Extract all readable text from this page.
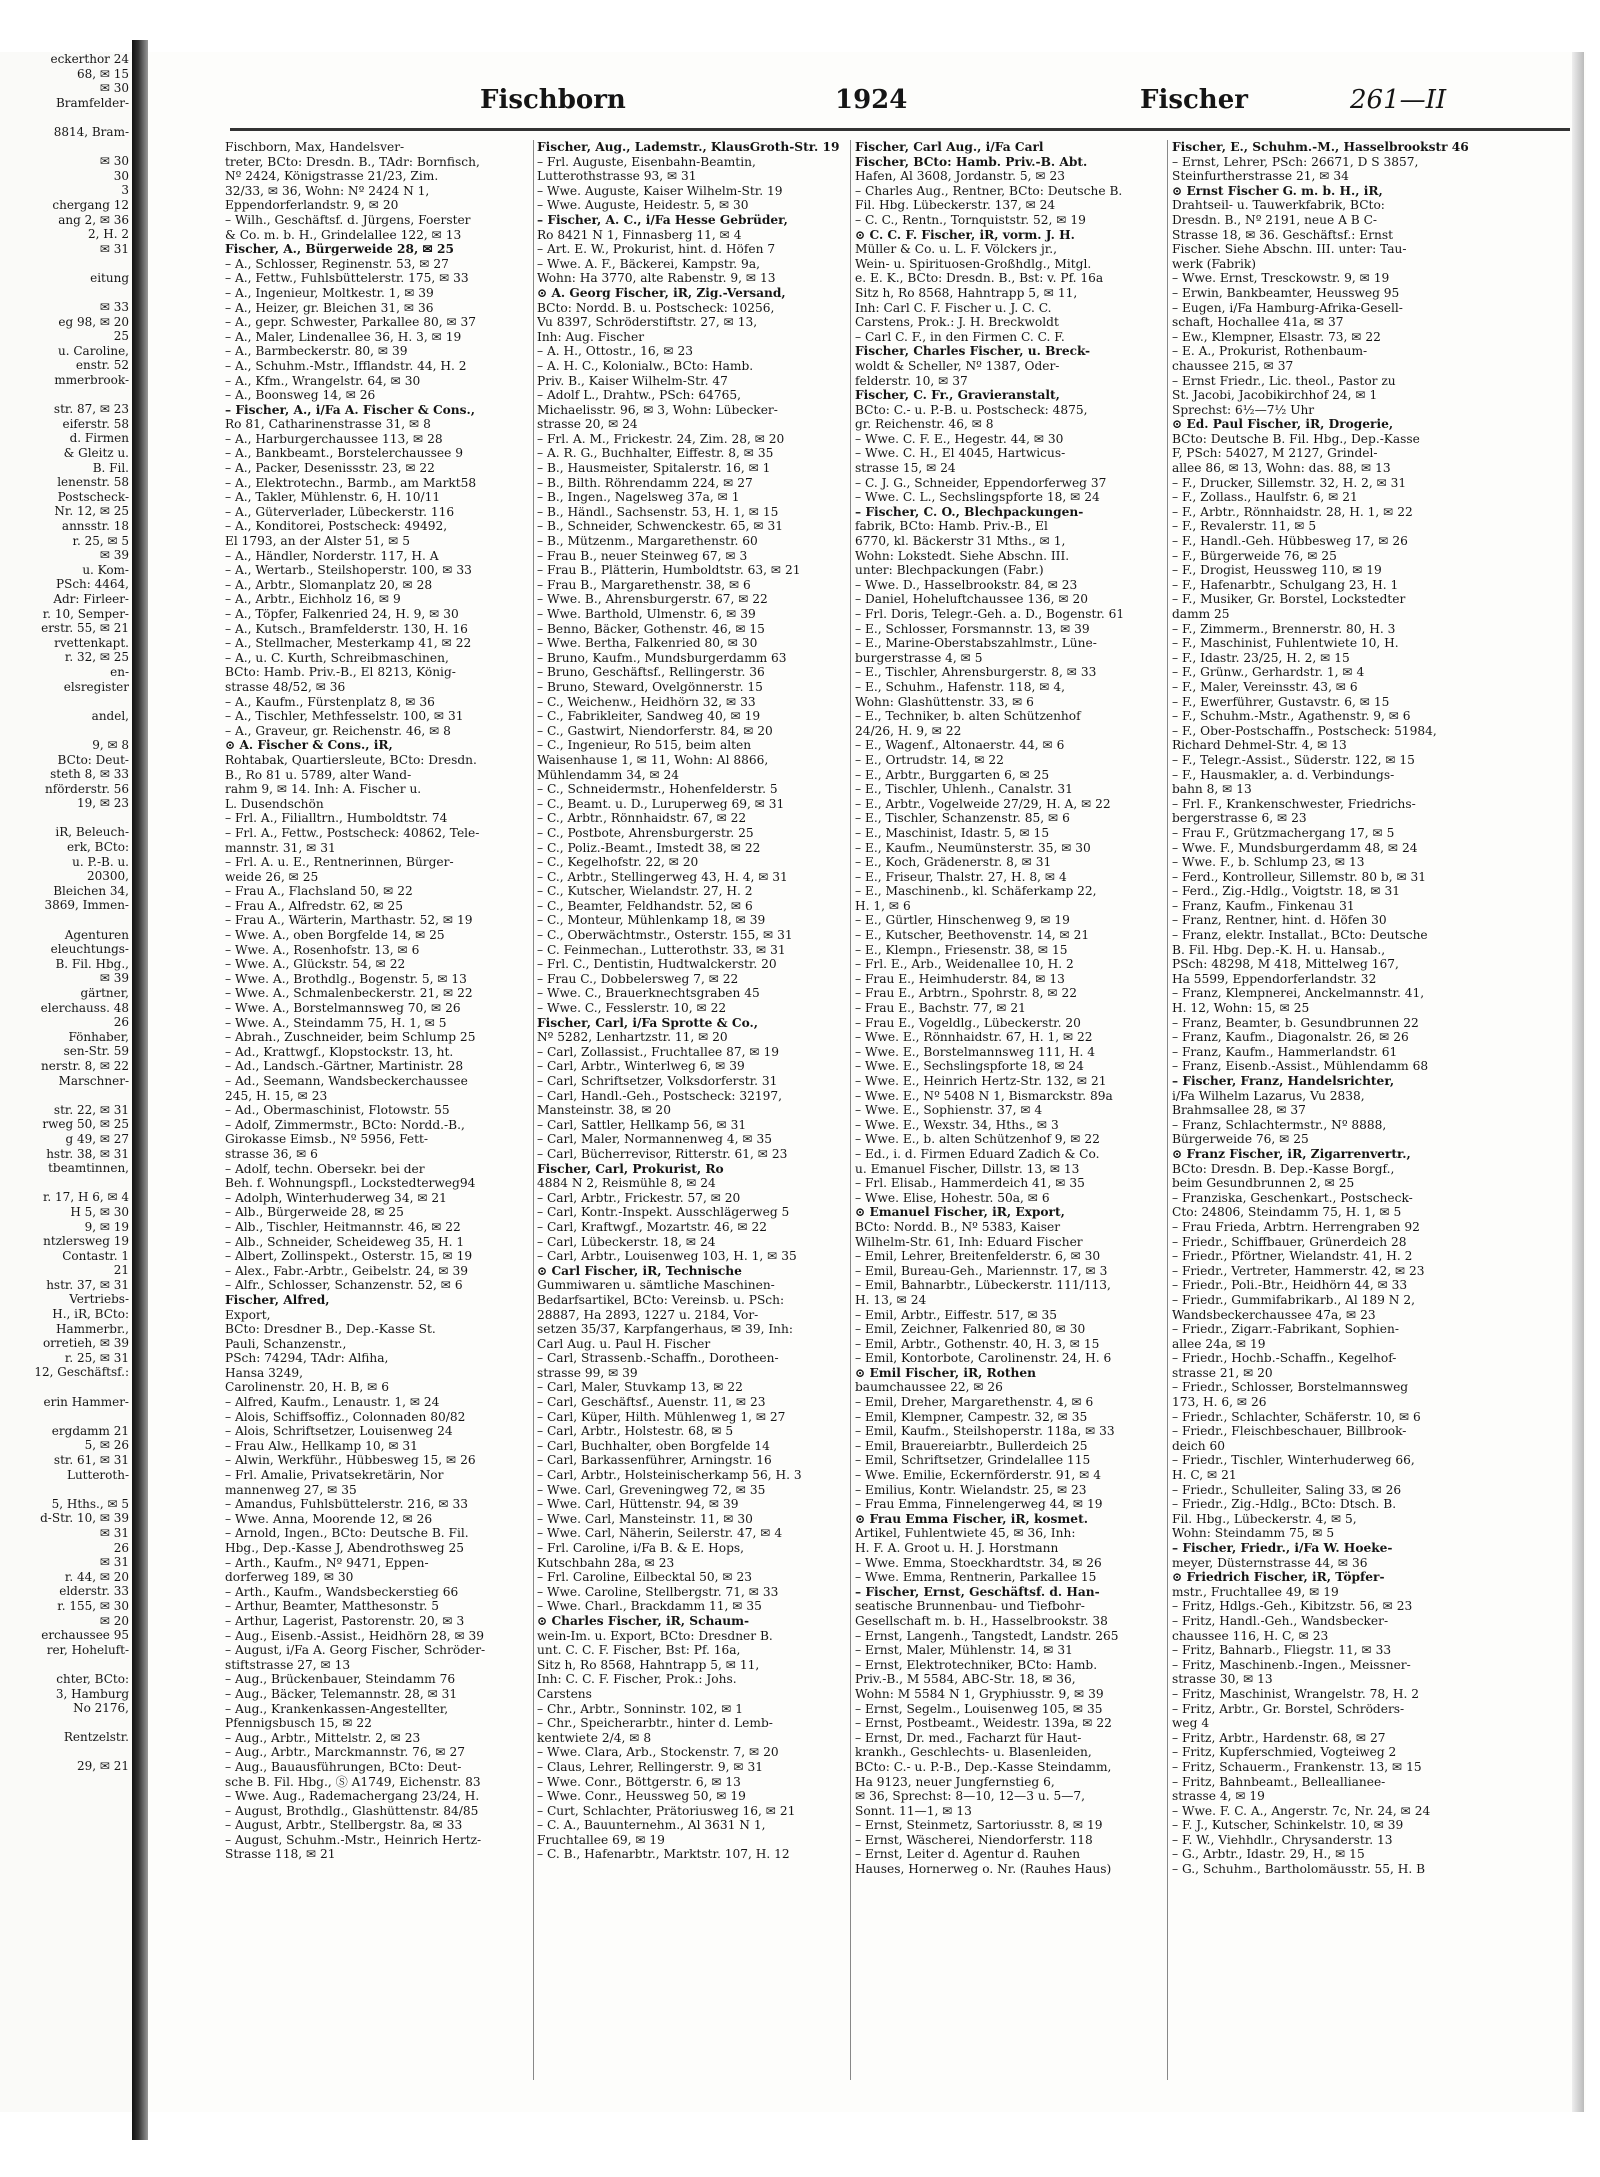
eckerthor 24

68, ✉ 15

✉ 30

Bramfelder-

8814, Bram-

✉ 30

30

3

chergang 12

ang 2, ✉ 36

2, H. 2

✉ 31

eitung

✉ 33

eg 98, ✉ 20

25

u. Caroline,

enstr. 52

mmerbrook-

str. 87, ✉ 23

eiferstr. 58

d. Firmen

& Gleitz u.

B. Fil.

lenenstr. 58

Postscheck-

Nr. 12, ✉ 25

annsstr. 18

r. 25, ✉ 5

✉ 39

u. Kom-

PSch: 4464,

Adr: Firleer-

r. 10, Semper-

erstr. 55, ✉ 21

rvettenkapt.

r. 32, ✉ 25

en-

elsregister

andel,

9, ✉ 8

BCto: Deut-

steth 8, ✉ 33

nförderstr. 56

19, ✉ 23

iR, Beleuch-

erk, BCto:

u. P.-B. u.

20300,

Bleichen 34,

3869, Immen-

Agenturen

eleuchtungs-

B. Fil. Hbg.,

✉ 39

gärtner,

elerchauss. 48

26

Fönhaber,

sen-Str. 59

nerstr. 8, ✉ 22

Marschner-

str. 22, ✉ 31

rweg 50, ✉ 25

g 49, ✉ 27

hstr. 38, ✉ 31

tbeamtinnen,

r. 17, H 6, ✉ 4

H 5, ✉ 30

9, ✉ 19

ntzlersweg 19

Contastr. 1

21

hstr. 37, ✉ 31

Vertriebs-

H., iR, BCto:

Hammerbr.,

orretieh, ✉ 39

r. 25, ✉ 31

12, Geschäftsf.:

erin Hammer-

ergdamm 21

5, ✉ 26

str. 61, ✉ 31

Lutteroth-

5, Hths., ✉ 5

d-Str. 10, ✉ 39

✉ 31

26

✉ 31

r. 44, ✉ 20

elderstr. 33

r. 155, ✉ 30

✉ 20

erchaussee 95

rer, Hoheluft-

chter, BCto:

3, Hamburg

No 2176,

Rentzelstr.

29, ✉ 21

Fischborn	1924	Fischer	261—II

Fischborn, Max, Handelsver-

treter, BCto: Dresdn. B., TAdr: Bornfisch,

Nº 2424, Königstrasse 21/23, Zim.

32/33, ✉ 36, Wohn: Nº 2424 N 1,

Eppendorferlandstr. 9, ✉ 20

– Wilh., Geschäftsf. d. Jürgens, Foerster

& Co. m. b. H., Grindelallee 122, ✉ 13

Fischer, A., Bürgerweide 28, ✉ 25

– A., Schlosser, Reginenstr. 53, ✉ 27

– A., Fettw., Fuhlsbüttelerstr. 175, ✉ 33

– A., Ingenieur, Moltkestr. 1, ✉ 39

– A., Heizer, gr. Bleichen 31, ✉ 36

– A., gepr. Schwester, Parkallee 80, ✉ 37

– A., Maler, Lindenallee 36, H. 3, ✉ 19

– A., Barmbeckerstr. 80, ✉ 39

– A., Schuhm.-Mstr., Ifflandstr. 44, H. 2

– A., Kfm., Wrangelstr. 64, ✉ 30

– A., Boonsweg 14, ✉ 26

– Fischer, A., i/Fa A. Fischer & Cons.,

Ro 81, Catharinenstrasse 31, ✉ 8

– A., Harburgerchaussee 113, ✉ 28

– A., Bankbeamt., Borstelerchaussee 9

– A., Packer, Desenissstr. 23, ✉ 22

– A., Elektrotechn., Barmb., am Markt58

– A., Takler, Mühlenstr. 6, H. 10/11

– A., Güterverlader, Lübeckerstr. 116

– A., Konditorei, Postscheck: 49492,

El 1793, an der Alster 51, ✉ 5

– A., Händler, Norderstr. 117, H. A

– A., Wertarb., Steilshoperstr. 100, ✉ 33

– A., Arbtr., Slomanplatz 20, ✉ 28

– A., Arbtr., Eichholz 16, ✉ 9

– A., Töpfer, Falkenried 24, H. 9, ✉ 30

– A., Kutsch., Bramfelderstr. 130, H. 16

– A., Stellmacher, Mesterkamp 41, ✉ 22

– A., u. C. Kurth, Schreibmaschinen,

BCto: Hamb. Priv.-B., El 8213, König-

strasse 48/52, ✉ 36

– A., Kaufm., Fürstenplatz 8, ✉ 36

– A., Tischler, Methfesselstr. 100, ✉ 31

– A., Graveur, gr. Reichenstr. 46, ✉ 8

⊙ A. Fischer & Cons., iR,

Rohtabak, Quartiersleute, BCto: Dresdn.

B., Ro 81 u. 5789, alter Wand-

rahm 9, ✉ 14. Inh: A. Fischer u.

L. Dusendschön

– Frl. A., Filialltrn., Humboldtstr. 74

– Frl. A., Fettw., Postscheck: 40862, Tele-

mannstr. 31, ✉ 31

– Frl. A. u. E., Rentnerinnen, Bürger-

weide 26, ✉ 25

– Frau A., Flachsland 50, ✉ 22

– Frau A., Alfredstr. 62, ✉ 25

– Frau A., Wärterin, Marthastr. 52, ✉ 19

– Wwe. A., oben Borgfelde 14, ✉ 25

– Wwe. A., Rosenhofstr. 13, ✉ 6

– Wwe. A., Glückstr. 54, ✉ 22

– Wwe. A., Brothdlg., Bogenstr. 5, ✉ 13

– Wwe. A., Schmalenbeckerstr. 21, ✉ 22

– Wwe. A., Borstelmannsweg 70, ✉ 26

– Wwe. A., Steindamm 75, H. 1, ✉ 5

– Abrah., Zuschneider, beim Schlump 25

– Ad., Krattwgf., Klopstockstr. 13, ht.

– Ad., Landsch.-Gärtner, Martinistr. 28

– Ad., Seemann, Wandsbeckerchaussee

245, H. 15, ✉ 23

– Ad., Obermaschinist, Flotowstr. 55

– Adolf, Zimmermstr., BCto: Nordd.-B.,

Girokasse Eimsb., Nº 5956, Fett-

strasse 36, ✉ 6

– Adolf, techn. Obersekr. bei der

Beh. f. Wohnungspfl., Lockstedterweg94

– Adolph, Winterhuderweg 34, ✉ 21

– Alb., Bürgerweide 28, ✉ 25

– Alb., Tischler, Heitmannstr. 46, ✉ 22

– Alb., Schneider, Scheideweg 35, H. 1

– Albert, Zollinspekt., Osterstr. 15, ✉ 19

– Alex., Fabr.-Arbtr., Geibelstr. 24, ✉ 39

– Alfr., Schlosser, Schanzenstr. 52, ✉ 6

Fischer, Alfred,

Export,

BCto: Dresdner B., Dep.-Kasse St.

Pauli, Schanzenstr.,

PSch: 74294, TAdr: Alfiha,

Hansa 3249,

Carolinenstr. 20, H. B, ✉ 6

– Alfred, Kaufm., Lenaustr. 1, ✉ 24

– Alois, Schiffsoffiz., Colonnaden 80/82

– Alois, Schriftsetzer, Louisenweg 24

– Frau Alw., Hellkamp 10, ✉ 31

– Alwin, Werkführ., Hübbesweg 15, ✉ 26

– Frl. Amalie, Privatsekretärin, Nor

mannenweg 27, ✉ 35

– Amandus, Fuhlsbüttelerstr. 216, ✉ 33

– Wwe. Anna, Moorende 12, ✉ 26

– Arnold, Ingen., BCto: Deutsche B. Fil.

Hbg., Dep.-Kasse J, Abendrothsweg 25

– Arth., Kaufm., Nº 9471, Eppen-

dorferweg 189, ✉ 30

– Arth., Kaufm., Wandsbeckerstieg 66

– Arthur, Beamter, Matthesonstr. 5

– Arthur, Lagerist, Pastorenstr. 20, ✉ 3

– Aug., Eisenb.-Assist., Heidhörn 28, ✉ 39

– August, i/Fa A. Georg Fischer, Schröder-

stiftstrasse 27, ✉ 13

– Aug., Brückenbauer, Steindamm 76

– Aug., Bäcker, Telemannstr. 28, ✉ 31

– Aug., Krankenkassen-Angestellter,

Pfennigsbusch 15, ✉ 22

– Aug., Arbtr., Mittelstr. 2, ✉ 23

– Aug., Arbtr., Marckmannstr. 76, ✉ 27

– Aug., Bauausführungen, BCto: Deut-

sche B. Fil. Hbg., Ⓢ A1749, Eichenstr. 83

– Wwe. Aug., Rademachergang 23/24, H.

– August, Brothdlg., Glashüttenstr. 84/85

– August, Arbtr., Stellbergstr. 8a, ✉ 33

– August, Schuhm.-Mstr., Heinrich Hertz-

Strasse 118, ✉ 21

Fischer, Aug., Lademstr., KlausGroth-Str. 19

– Frl. Auguste, Eisenbahn-Beamtin,

Lutterothstrasse 93, ✉ 31

– Wwe. Auguste, Kaiser Wilhelm-Str. 19

– Wwe. Auguste, Heidestr. 5, ✉ 30

– Fischer, A. C., i/Fa Hesse Gebrüder,

Ro 8421 N 1, Finnasberg 11, ✉ 4

– Art. E. W., Prokurist, hint. d. Höfen 7

– Wwe. A. F., Bäckerei, Kampstr. 9a,

Wohn: Ha 3770, alte Rabenstr. 9, ✉ 13

⊙ A. Georg Fischer, iR, Zig.-Versand,

BCto: Nordd. B. u. Postscheck: 10256,

Vu 8397, Schröderstiftstr. 27, ✉ 13,

Inh: Aug. Fischer

– A. H., Ottostr., 16, ✉ 23

– A. H. C., Kolonialw., BCto: Hamb.

Priv. B., Kaiser Wilhelm-Str. 47

– Adolf L., Drahtw., PSch: 64765,

Michaelisstr. 96, ✉ 3, Wohn: Lübecker-

strasse 20, ✉ 24

– Frl. A. M., Frickestr. 24, Zim. 28, ✉ 20

– A. R. G., Buchhalter, Eiffestr. 8, ✉ 35

– B., Hausmeister, Spitalerstr. 16, ✉ 1

– B., Bilth. Röhrendamm 224, ✉ 27

– B., Ingen., Nagelsweg 37a, ✉ 1

– B., Händl., Sachsenstr. 53, H. 1, ✉ 15

– B., Schneider, Schwenckestr. 65, ✉ 31

– B., Mützenm., Margarethenstr. 60

– Frau B., neuer Steinweg 67, ✉ 3

– Frau B., Plätterin, Humboldtstr. 63, ✉ 21

– Frau B., Margarethenstr. 38, ✉ 6

– Wwe. B., Ahrensburgerstr. 67, ✉ 22

– Wwe. Barthold, Ulmenstr. 6, ✉ 39

– Benno, Bäcker, Gothenstr. 46, ✉ 15

– Wwe. Bertha, Falkenried 80, ✉ 30

– Bruno, Kaufm., Mundsburgerdamm 63

– Bruno, Geschäftsf., Rellingerstr. 36

– Bruno, Steward, Ovelgönnerstr. 15

– C., Weichenw., Heidhörn 32, ✉ 33

– C., Fabrikleiter, Sandweg 40, ✉ 19

– C., Gastwirt, Niendorferstr. 84, ✉ 20

– C., Ingenieur, Ro 515, beim alten

Waisenhause 1, ✉ 11, Wohn: Al 8866,

Mühlendamm 34, ✉ 24

– C., Schneidermstr., Hohenfelderstr. 5

– C., Beamt. u. D., Luruperweg 69, ✉ 31

– C., Arbtr., Rönnhaidstr. 67, ✉ 22

– C., Postbote, Ahrensburgerstr. 25

– C., Poliz.-Beamt., Imstedt 38, ✉ 22

– C., Kegelhofstr. 22, ✉ 20

– C., Arbtr., Stellingerweg 43, H. 4, ✉ 31

– C., Kutscher, Wielandstr. 27, H. 2

– C., Beamter, Feldhandstr. 52, ✉ 6

– C., Monteur, Mühlenkamp 18, ✉ 39

– C., Oberwächtmstr., Osterstr. 155, ✉ 31

– C. Feinmechan., Lutterothstr. 33, ✉ 31

– Frl. C., Dentistin, Hudtwalckerstr. 20

– Frau C., Dobbelersweg 7, ✉ 22

– Wwe. C., Brauerknechtsgraben 45

– Wwe. C., Fesslerstr. 10, ✉ 22

Fischer, Carl, i/Fa Sprotte & Co.,

Nº 5282, Lenhartzstr. 11, ✉ 20

– Carl, Zollassist., Fruchtallee 87, ✉ 19

– Carl, Arbtr., Winterlweg 6, ✉ 39

– Carl, Schriftsetzer, Volksdorferstr. 31

– Carl, Handl.-Geh., Postscheck: 32197,

Mansteinstr. 38, ✉ 20

– Carl, Sattler, Hellkamp 56, ✉ 31

– Carl, Maler, Normannenweg 4, ✉ 35

– Carl, Bücherrevisor, Ritterstr. 61, ✉ 23

Fischer, Carl, Prokurist, Ro

4884 N 2, Reismühle 8, ✉ 24

– Carl, Arbtr., Frickestr. 57, ✉ 20

– Carl, Kontr.-Inspekt. Ausschlägerweg 5

– Carl, Kraftwgf., Mozartstr. 46, ✉ 22

– Carl, Lübeckerstr. 18, ✉ 24

– Carl, Arbtr., Louisenweg 103, H. 1, ✉ 35

⊙ Carl Fischer, iR, Technische

Gummiwaren u. sämtliche Maschinen-

Bedarfsartikel, BCto: Vereinsb. u. PSch:

28887, Ha 2893, 1227 u. 2184, Vor-

setzen 35/37, Karpfangerhaus, ✉ 39, Inh:

Carl Aug. u. Paul H. Fischer

– Carl, Strassenb.-Schaffn., Dorotheen-

strasse 99, ✉ 39

– Carl, Maler, Stuvkamp 13, ✉ 22

– Carl, Geschäftsf., Auenstr. 11, ✉ 23

– Carl, Küper, Hilth. Mühlenweg 1, ✉ 27

– Carl, Arbtr., Holstestr. 68, ✉ 5

– Carl, Buchhalter, oben Borgfelde 14

– Carl, Barkassenführer, Arningstr. 16

– Carl, Arbtr., Holsteinischerkamp 56, H. 3

– Wwe. Carl, Greveningweg 72, ✉ 35

– Wwe. Carl, Hüttenstr. 94, ✉ 39

– Wwe. Carl, Mansteinstr. 11, ✉ 30

– Wwe. Carl, Näherin, Seilerstr. 47, ✉ 4

– Frl. Caroline, i/Fa B. & E. Hops,

Kutschbahn 28a, ✉ 23

– Frl. Caroline, Eilbecktal 50, ✉ 23

– Wwe. Caroline, Stellbergstr. 71, ✉ 33

– Wwe. Charl., Brackdamm 11, ✉ 35

⊙ Charles Fischer, iR, Schaum-

wein-Im. u. Export, BCto: Dresdner B.

unt. C. C. F. Fischer, Bst: Pf. 16a,

Sitz h, Ro 8568, Hahntrapp 5, ✉ 11,

Inh: C. C. F. Fischer, Prok.: Johs.

Carstens

– Chr., Arbtr., Sonninstr. 102, ✉ 1

– Chr., Speicherarbtr., hinter d. Lemb-

kentwiete 2/4, ✉ 8

– Wwe. Clara, Arb., Stockenstr. 7, ✉ 20

– Claus, Lehrer, Rellingerstr. 9, ✉ 31

– Wwe. Conr., Böttgerstr. 6, ✉ 13

– Wwe. Conr., Heussweg 50, ✉ 19

– Curt, Schlachter, Prätoriusweg 16, ✉ 21

– C. A., Bauunternehm., Al 3631 N 1,

Fruchtallee 69, ✉ 19

– C. B., Hafenarbtr., Marktstr. 107, H. 12

Fischer, Carl Aug., i/Fa Carl

Fischer, BCto: Hamb. Priv.-B. Abt.

Hafen, Al 3608, Jordanstr. 5, ✉ 23

– Charles Aug., Rentner, BCto: Deutsche B.

Fil. Hbg. Lübeckerstr. 137, ✉ 24

– C. C., Rentn., Tornquiststr. 52, ✉ 19

⊙ C. C. F. Fischer, iR, vorm. J. H.

Müller & Co. u. L. F. Völckers jr.,

Wein- u. Spirituosen-Großhdlg., Mitgl.

e. E. K., BCto: Dresdn. B., Bst: v. Pf. 16a

Sitz h, Ro 8568, Hahntrapp 5, ✉ 11,

Inh: Carl C. F. Fischer u. J. C. C.

Carstens, Prok.: J. H. Breckwoldt

– Carl C. F., in den Firmen C. C. F.

Fischer, Charles Fischer, u. Breck-

woldt & Scheller, Nº 1387, Oder-

felderstr. 10, ✉ 37

Fischer, C. Fr., Gravieranstalt,

BCto: C.- u. P.-B. u. Postscheck: 4875,

gr. Reichenstr. 46, ✉ 8

– Wwe. C. F. E., Hegestr. 44, ✉ 30

– Wwe. C. H., El 4045, Hartwicus-

strasse 15, ✉ 24

– C. J. G., Schneider, Eppendorferweg 37

– Wwe. C. L., Sechslingspforte 18, ✉ 24

– Fischer, C. O., Blechpackungen-

fabrik, BCto: Hamb. Priv.-B., El

6770, kl. Bäckerstr 31 Mths., ✉ 1,

Wohn: Lokstedt. Siehe Abschn. III.

unter: Blechpackungen (Fabr.)

– Wwe. D., Hasselbrookstr. 84, ✉ 23

– Daniel, Hoheluftchaussee 136, ✉ 20

– Frl. Doris, Telegr.-Geh. a. D., Bogenstr. 61

– E., Schlosser, Forsmannstr. 13, ✉ 39

– E., Marine-Oberstabszahlmstr., Lüne-

burgerstrasse 4, ✉ 5

– E., Tischler, Ahrensburgerstr. 8, ✉ 33

– E., Schuhm., Hafenstr. 118, ✉ 4,

Wohn: Glashüttenstr. 33, ✉ 6

– E., Techniker, b. alten Schützenhof

24/26, H. 9, ✉ 22

– E., Wagenf., Altonaerstr. 44, ✉ 6

– E., Ortrudstr. 14, ✉ 22

– E., Arbtr., Burggarten 6, ✉ 25

– E., Tischler, Uhlenh., Canalstr. 31

– E., Arbtr., Vogelweide 27/29, H. A, ✉ 22

– E., Tischler, Schanzenstr. 85, ✉ 6

– E., Maschinist, Idastr. 5, ✉ 15

– E., Kaufm., Neumünsterstr. 35, ✉ 30

– E., Koch, Grädenerstr. 8, ✉ 31

– E., Friseur, Thalstr. 27, H. 8, ✉ 4

– E., Maschinenb., kl. Schäferkamp 22,

H. 1, ✉ 6

– E., Gürtler, Hinschenweg 9, ✉ 19

– E., Kutscher, Beethovenstr. 14, ✉ 21

– E., Klempn., Friesenstr. 38, ✉ 15

– Frl. E., Arb., Weidenallee 10, H. 2

– Frau E., Heimhuderstr. 84, ✉ 13

– Frau E., Arbtrn., Spohrstr. 8, ✉ 22

– Frau E., Bachstr. 77, ✉ 21

– Frau E., Vogeldlg., Lübeckerstr. 20

– Wwe. E., Rönnhaidstr. 67, H. 1, ✉ 22

– Wwe. E., Borstelmannsweg 111, H. 4

– Wwe. E., Sechslingspforte 18, ✉ 24

– Wwe. E., Heinrich Hertz-Str. 132, ✉ 21

– Wwe. E., Nº 5408 N 1, Bismarckstr. 89a

– Wwe. E., Sophienstr. 37, ✉ 4

– Wwe. E., Wexstr. 34, Hths., ✉ 3

– Wwe. E., b. alten Schützenhof 9, ✉ 22

– Ed., i. d. Firmen Eduard Zadich & Co.

u. Emanuel Fischer, Dillstr. 13, ✉ 13

– Frl. Elisab., Hammerdeich 41, ✉ 35

– Wwe. Elise, Hohestr. 50a, ✉ 6

⊙ Emanuel Fischer, iR, Export,

BCto: Nordd. B., Nº 5383, Kaiser

Wilhelm-Str. 61, Inh: Eduard Fischer

– Emil, Lehrer, Breitenfelderstr. 6, ✉ 30

– Emil, Bureau-Geh., Mariennstr. 17, ✉ 3

– Emil, Bahnarbtr., Lübeckerstr. 111/113,

H. 13, ✉ 24

– Emil, Arbtr., Eiffestr. 517, ✉ 35

– Emil, Zeichner, Falkenried 80, ✉ 30

– Emil, Arbtr., Gothenstr. 40, H. 3, ✉ 15

– Emil, Kontorbote, Carolinenstr. 24, H. 6

⊙ Emil Fischer, iR, Rothen

baumchaussee 22, ✉ 26

– Emil, Dreher, Margarethenstr. 4, ✉ 6

– Emil, Klempner, Campestr. 32, ✉ 35

– Emil, Kaufm., Steilshoperstr. 118a, ✉ 33

– Emil, Brauereiarbtr., Bullerdeich 25

– Emil, Schriftsetzer, Grindelallee 115

– Wwe. Emilie, Eckernförderstr. 91, ✉ 4

– Emilius, Kontr. Wielandstr. 25, ✉ 23

– Frau Emma, Finnelengerweg 44, ✉ 19

⊙ Frau Emma Fischer, iR, kosmet.

Artikel, Fuhlentwiete 45, ✉ 36, Inh:

H. F. A. Groot u. H. J. Horstmann

– Wwe. Emma, Stoeckhardtstr. 34, ✉ 26

– Wwe. Emma, Rentnerin, Parkallee 15

– Fischer, Ernst, Geschäftsf. d. Han-

seatische Brunnenbau- und Tiefbohr-

Gesellschaft m. b. H., Hasselbrookstr. 38

– Ernst, Langenh., Tangstedt, Landstr. 265

– Ernst, Maler, Mühlenstr. 14, ✉ 31

– Ernst, Elektrotechniker, BCto: Hamb.

Priv.-B., M 5584, ABC-Str. 18, ✉ 36,

Wohn: M 5584 N 1, Gryphiusstr. 9, ✉ 39

– Ernst, Segelm., Louisenweg 105, ✉ 35

– Ernst, Postbeamt., Weidestr. 139a, ✉ 22

– Ernst, Dr. med., Facharzt für Haut-

krankh., Geschlechts- u. Blasenleiden,

BCto: C.- u. P.-B., Dep.-Kasse Steindamm,

Ha 9123, neuer Jungfernstieg 6,

✉ 36, Sprechst: 8—10, 12—3 u. 5—7,

Sonnt. 11—1, ✉ 13

– Ernst, Steinmetz, Sartoriusstr. 8, ✉ 19

– Ernst, Wäscherei, Niendorferstr. 118

– Ernst, Leiter d. Agentur d. Rauhen

Hauses, Hornerweg o. Nr. (Rauhes Haus)

Fischer, E., Schuhm.-M., Hasselbrookstr 46

– Ernst, Lehrer, PSch: 26671, D S 3857,

Steinfurtherstrasse 21, ✉ 34

⊙ Ernst Fischer G. m. b. H., iR,

Drahtseil- u. Tauwerkfabrik, BCto:

Dresdn. B., Nº 2191, neue A B C-

Strasse 18, ✉ 36. Geschäftsf.: Ernst

Fischer. Siehe Abschn. III. unter: Tau-

werk (Fabrik)

– Wwe. Ernst, Tresckowstr. 9, ✉ 19

– Erwin, Bankbeamter, Heussweg 95

– Eugen, i/Fa Hamburg-Afrika-Gesell-

schaft, Hochallee 41a, ✉ 37

– Ew., Klempner, Elsastr. 73, ✉ 22

– E. A., Prokurist, Rothenbaum-

chaussee 215, ✉ 37

– Ernst Friedr., Lic. theol., Pastor zu

St. Jacobi, Jacobikirchhof 24, ✉ 1

Sprechst: 6½—7½ Uhr

⊙ Ed. Paul Fischer, iR, Drogerie,

BCto: Deutsche B. Fil. Hbg., Dep.-Kasse

F, PSch: 54027, M 2127, Grindel-

allee 86, ✉ 13, Wohn: das. 88, ✉ 13

– F., Drucker, Sillemstr. 32, H. 2, ✉ 31

– F., Zollass., Haulfstr. 6, ✉ 21

– F., Arbtr., Rönnhaidstr. 28, H. 1, ✉ 22

– F., Revalerstr. 11, ✉ 5

– F., Handl.-Geh. Hübbesweg 17, ✉ 26

– F., Bürgerweide 76, ✉ 25

– F., Drogist, Heussweg 110, ✉ 19

– F., Hafenarbtr., Schulgang 23, H. 1

– F., Musiker, Gr. Borstel, Lockstedter

damm 25

– F., Zimmerm., Brennerstr. 80, H. 3

– F., Maschinist, Fuhlentwiete 10, H.

– F., Idastr. 23/25, H. 2, ✉ 15

– F., Grünw., Gerhardstr. 1, ✉ 4

– F., Maler, Vereinsstr. 43, ✉ 6

– F., Ewerführer, Gustavstr. 6, ✉ 15

– F., Schuhm.-Mstr., Agathenstr. 9, ✉ 6

– F., Ober-Postschaffn., Postscheck: 51984,

Richard Dehmel-Str. 4, ✉ 13

– F., Telegr.-Assist., Süderstr. 122, ✉ 15

– F., Hausmakler, a. d. Verbindungs-

bahn 8, ✉ 13

– Frl. F., Krankenschwester, Friedrichs-

bergerstrasse 6, ✉ 23

– Frau F., Grützmachergang 17, ✉ 5

– Wwe. F., Mundsburgerdamm 48, ✉ 24

– Wwe. F., b. Schlump 23, ✉ 13

– Ferd., Kontrolleur, Sillemstr. 80 b, ✉ 31

– Ferd., Zig.-Hdlg., Voigtstr. 18, ✉ 31

– Franz, Kaufm., Finkenau 31

– Franz, Rentner, hint. d. Höfen 30

– Franz, elektr. Installat., BCto: Deutsche

B. Fil. Hbg. Dep.-K. H. u. Hansab.,

PSch: 48298, M 418, Mittelweg 167,

Ha 5599, Eppendorferlandstr. 32

– Franz, Klempnerei, Anckelmannstr. 41,

H. 12, Wohn: 15, ✉ 25

– Franz, Beamter, b. Gesundbrunnen 22

– Franz, Kaufm., Diagonalstr. 26, ✉ 26

– Franz, Kaufm., Hammerlandstr. 61

– Franz, Eisenb.-Assist., Mühlendamm 68

– Fischer, Franz, Handelsrichter,

i/Fa Wilhelm Lazarus, Vu 2838,

Brahmsallee 28, ✉ 37

– Franz, Schlachtermstr., Nº 8888,

Bürgerweide 76, ✉ 25

⊙ Franz Fischer, iR, Zigarrenvertr.,

BCto: Dresdn. B. Dep.-Kasse Borgf.,

beim Gesundbrunnen 2, ✉ 25

– Franziska, Geschenkart., Postscheck-

Cto: 24806, Steindamm 75, H. 1, ✉ 5

– Frau Frieda, Arbtrn. Herrengraben 92

– Friedr., Schiffbauer, Grünerdeich 28

– Friedr., Pförtner, Wielandstr. 41, H. 2

– Friedr., Vertreter, Hammerstr. 42, ✉ 23

– Friedr., Poli.-Btr., Heidhörn 44, ✉ 33

– Friedr., Gummifabrikarb., Al 189 N 2,

Wandsbeckerchaussee 47a, ✉ 23

– Friedr., Zigarr.-Fabrikant, Sophien-

allee 24a, ✉ 19

– Friedr., Hochb.-Schaffn., Kegelhof-

strasse 21, ✉ 20

– Friedr., Schlosser, Borstelmannsweg

173, H. 6, ✉ 26

– Friedr., Schlachter, Schäferstr. 10, ✉ 6

– Friedr., Fleischbeschauer, Billbrook-

deich 60

– Friedr., Tischler, Winterhuderweg 66,

H. C, ✉ 21

– Friedr., Schulleiter, Saling 33, ✉ 26

– Friedr., Zig.-Hdlg., BCto: Dtsch. B.

Fil. Hbg., Lübeckerstr. 4, ✉ 5,

Wohn: Steindamm 75, ✉ 5

– Fischer, Friedr., i/Fa W. Hoeke-

meyer, Düsternstrasse 44, ✉ 36

⊙ Friedrich Fischer, iR, Töpfer-

mstr., Fruchtallee 49, ✉ 19

– Fritz, Hdlgs.-Geh., Kibitzstr. 56, ✉ 23

– Fritz, Handl.-Geh., Wandsbecker-

chaussee 116, H. C, ✉ 23

– Fritz, Bahnarb., Fliegstr. 11, ✉ 33

– Fritz, Maschinenb.-Ingen., Meissner-

strasse 30, ✉ 13

– Fritz, Maschinist, Wrangelstr. 78, H. 2

– Fritz, Arbtr., Gr. Borstel, Schröders-

weg 4

– Fritz, Arbtr., Hardenstr. 68, ✉ 27

– Fritz, Kupferschmied, Vogteiweg 2

– Fritz, Schauerm., Frankenstr. 13, ✉ 15

– Fritz, Bahnbeamt., Belleallianee-

strasse 4, ✉ 19

– Wwe. F. C. A., Angerstr. 7c, Nr. 24, ✉ 24

– F. J., Kutscher, Schinkelstr. 10, ✉ 39

– F. W., Viehhdlr., Chrysanderstr. 13

– G., Arbtr., Idastr. 29, H., ✉ 15

– G., Schuhm., Bartholomäusstr. 55, H. B
